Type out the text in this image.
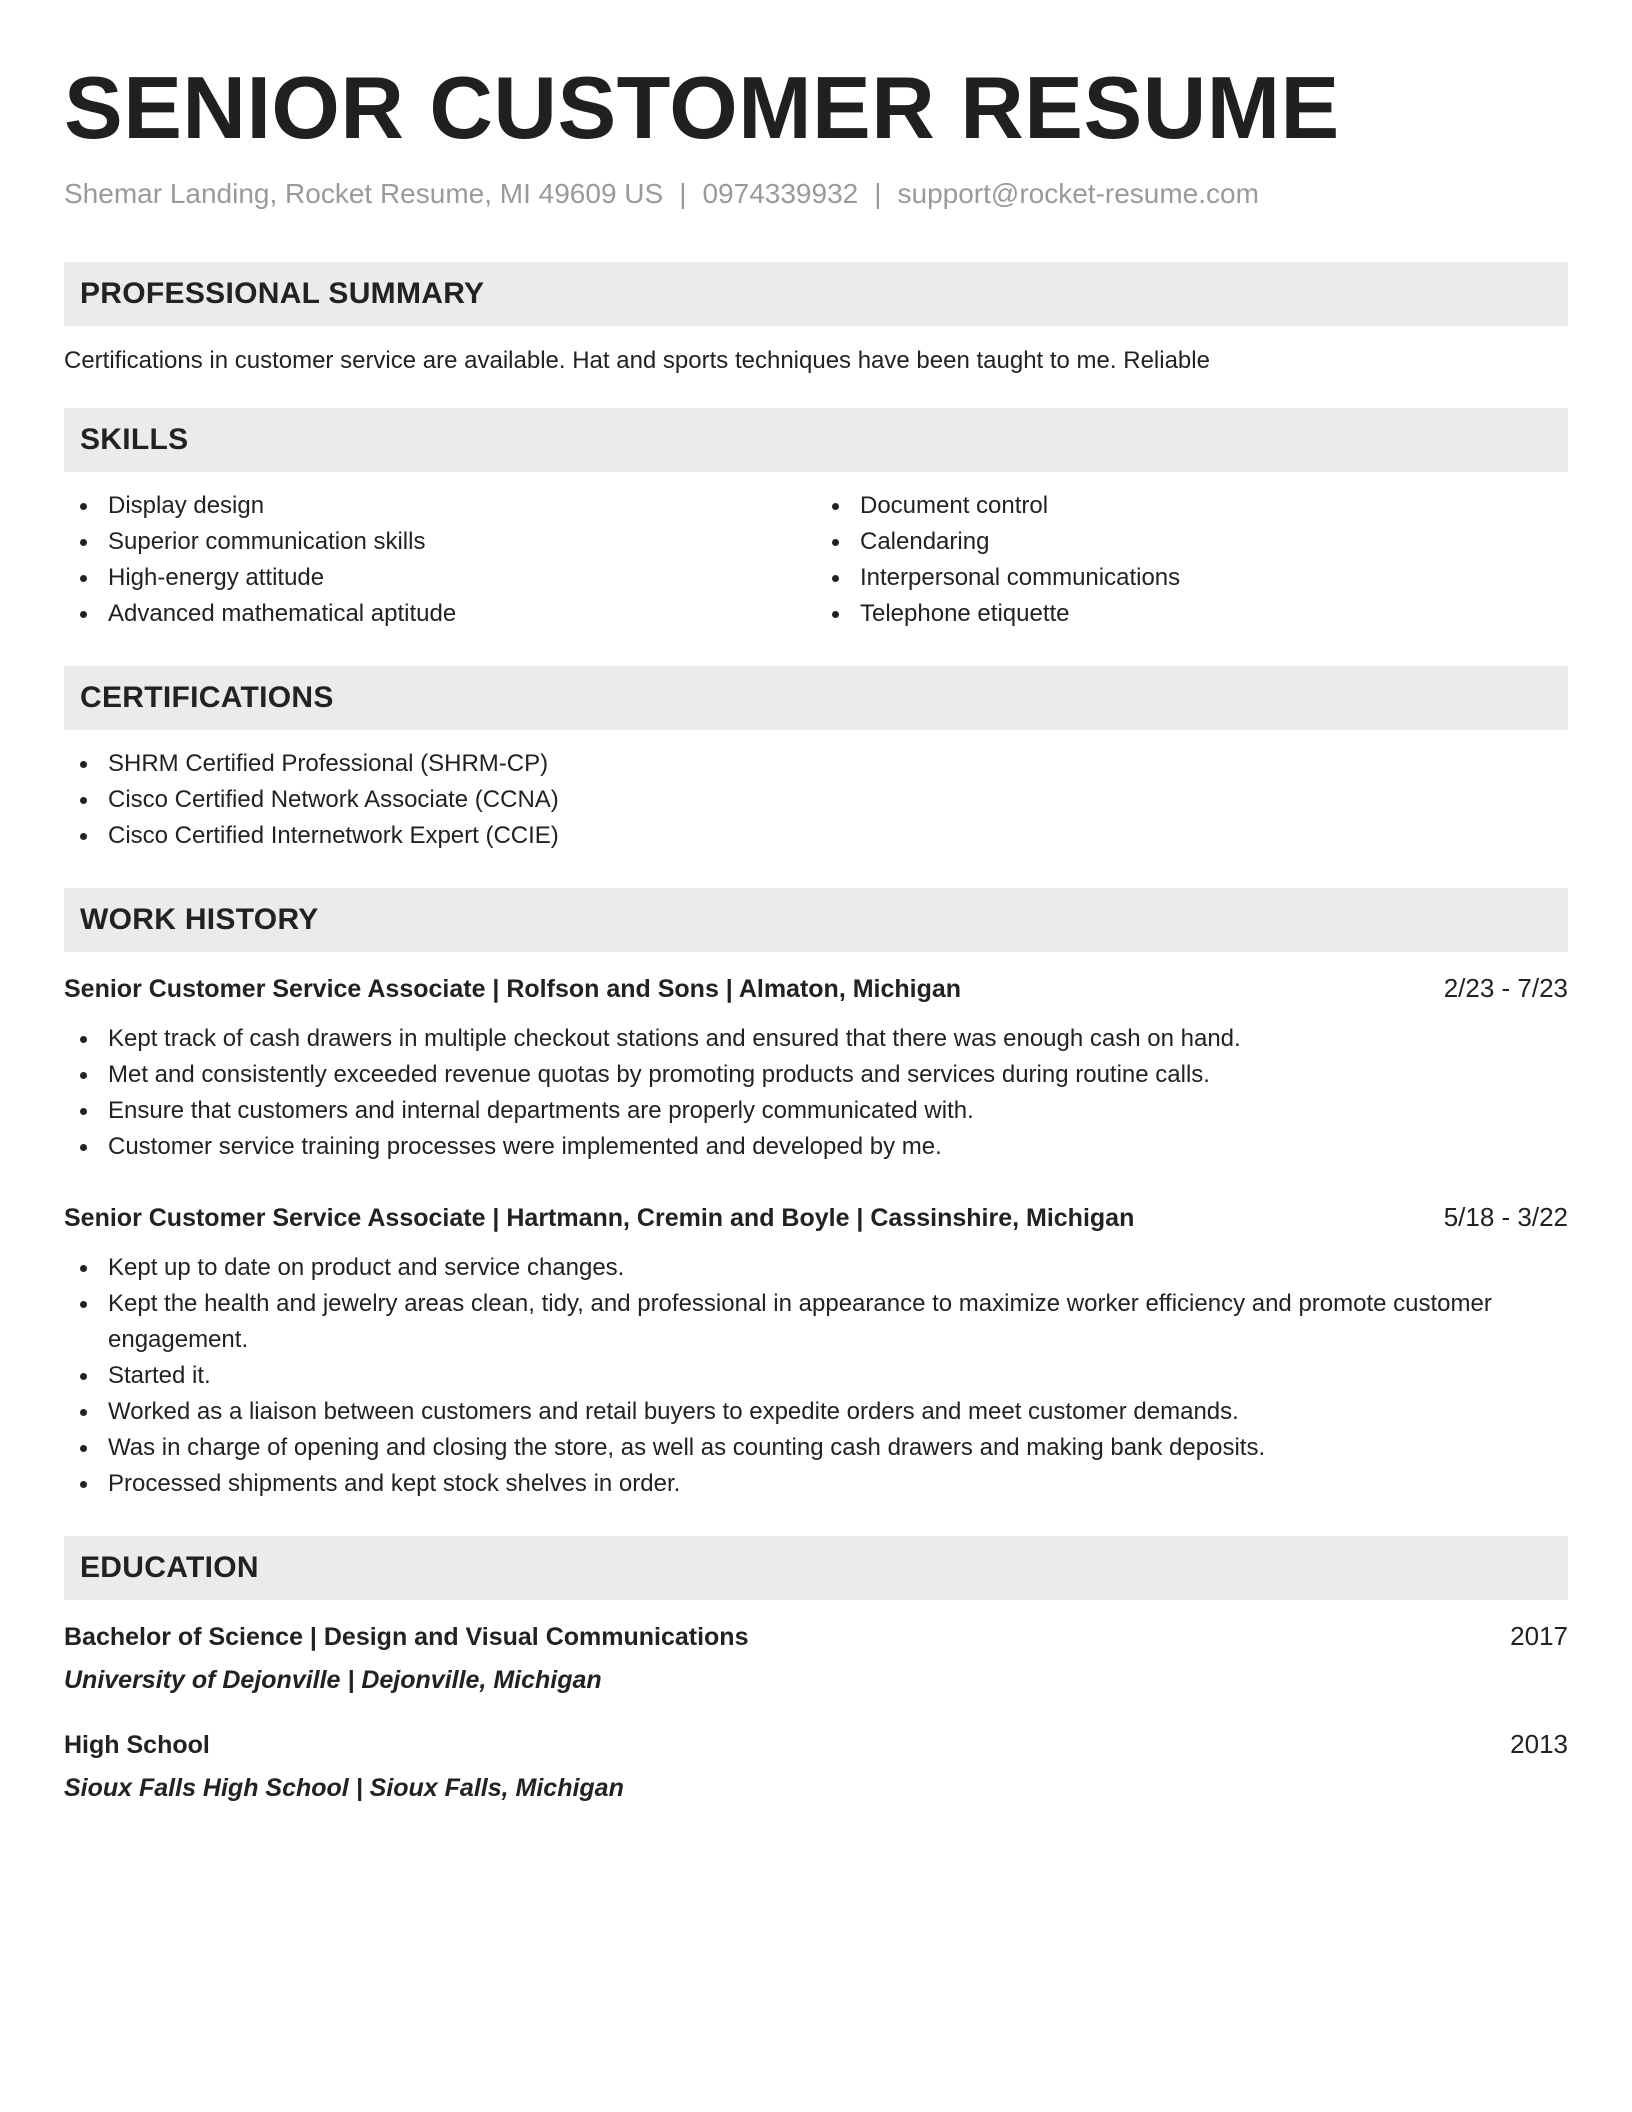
SENIOR CUSTOMER RESUME
Shemar Landing, Rocket Resume, MI 49609 US | 0974339932 | support@rocket-resume.com
PROFESSIONAL SUMMARY

Certifications in customer service are available. Hat and sports techniques have been taught to me. Reliable

SKILLS
Display design
Superior communication skills
High-energy attitude
Advanced mathematical aptitude
Document control
Calendaring
Interpersonal communications
Telephone etiquette
CERTIFICATIONS
SHRM Certified Professional (SHRM-CP)
Cisco Certified Network Associate (CCNA)
Cisco Certified Internetwork Expert (CCIE)
WORK HISTORY
Senior Customer Service Associate | Rolfson and Sons | Almaton, Michigan	2/23 - 7/23
Kept track of cash drawers in multiple checkout stations and ensured that there was enough cash on hand.
Met and consistently exceeded revenue quotas by promoting products and services during routine calls.
Ensure that customers and internal departments are properly communicated with.
Customer service training processes were implemented and developed by me.
Senior Customer Service Associate | Hartmann, Cremin and Boyle | Cassinshire, Michigan	5/18 - 3/22
Kept up to date on product and service changes.
Kept the health and jewelry areas clean, tidy, and professional in appearance to maximize worker efficiency and promote customer engagement.
Started it.
Worked as a liaison between customers and retail buyers to expedite orders and meet customer demands.
Was in charge of opening and closing the store, as well as counting cash drawers and making bank deposits.
Processed shipments and kept stock shelves in order.
EDUCATION
Bachelor of Science | Design and Visual Communications	2017
University of Dejonville | Dejonville, Michigan
High School	2013
Sioux Falls High School | Sioux Falls, Michigan
